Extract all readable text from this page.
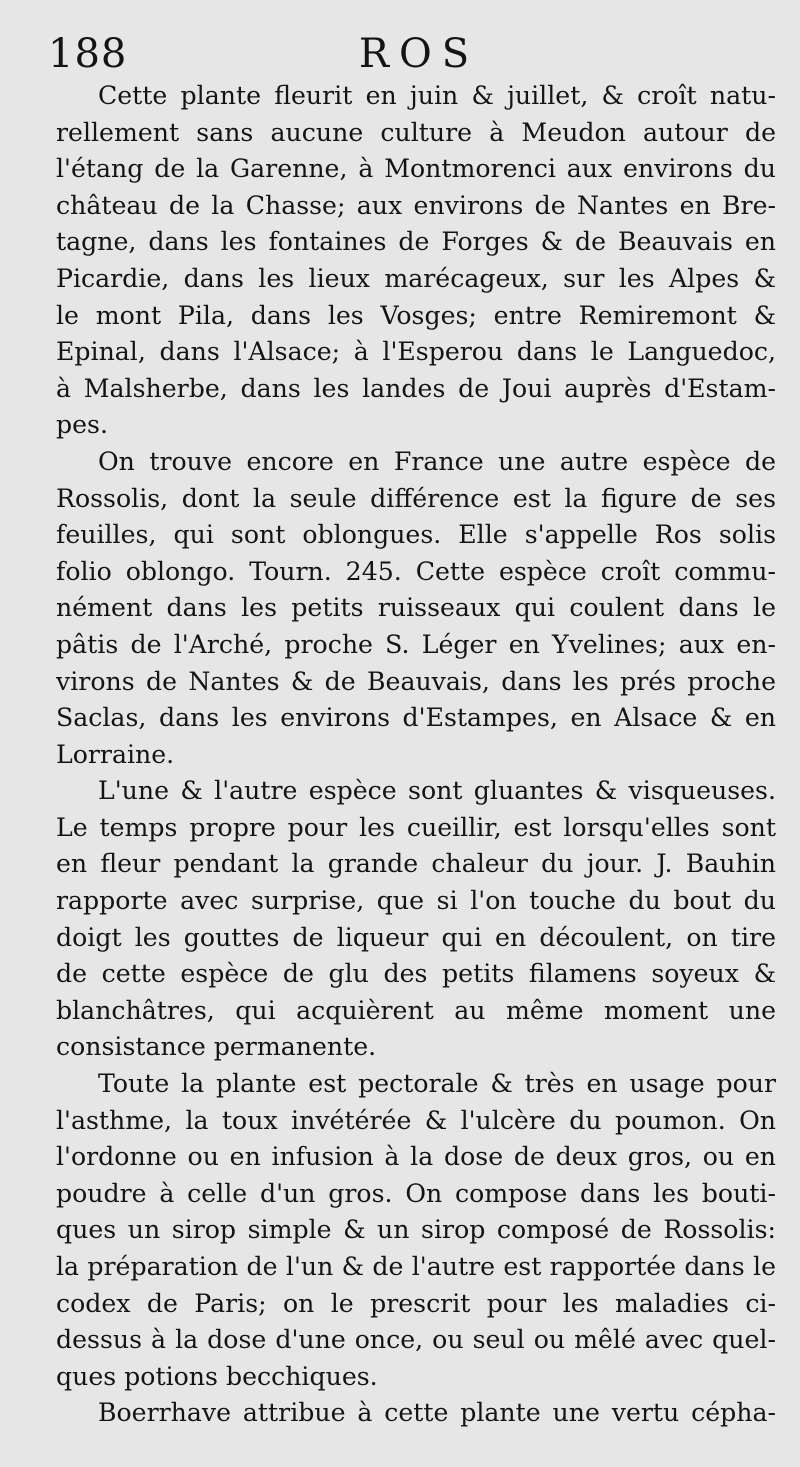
188	ROS
Cette plante fleurit en juin & juillet, & croît natu-
rellement sans aucune culture à Meudon autour de
l'étang de la Garenne, à Montmorenci aux environs du
château de la Chasse; aux environs de Nantes en Bre-
tagne, dans les fontaines de Forges & de Beauvais en
Picardie, dans les lieux marécageux, sur les Alpes &
le mont Pila, dans les Vosges; entre Remiremont &
Epinal, dans l'Alsace; à l'Esperou dans le Languedoc,
à Malsherbe, dans les landes de Joui auprès d'Estam-
pes.
On trouve encore en France une autre espèce de
Rossolis, dont la seule différence est la figure de ses
feuilles, qui sont oblongues. Elle s'appelle Ros solis
folio oblongo. Tourn. 245. Cette espèce croît commu-
nément dans les petits ruisseaux qui coulent dans le
pâtis de l'Arché, proche S. Léger en Yvelines; aux en-
virons de Nantes & de Beauvais, dans les prés proche
Saclas, dans les environs d'Estampes, en Alsace & en
Lorraine.
L'une & l'autre espèce sont gluantes & visqueuses.
Le temps propre pour les cueillir, est lorsqu'elles sont
en fleur pendant la grande chaleur du jour. J. Bauhin
rapporte avec surprise, que si l'on touche du bout du
doigt les gouttes de liqueur qui en découlent, on tire
de cette espèce de glu des petits filamens soyeux &
blanchâtres, qui acquièrent au même moment une
consistance permanente.
Toute la plante est pectorale & très en usage pour
l'asthme, la toux invétérée & l'ulcère du poumon. On
l'ordonne ou en infusion à la dose de deux gros, ou en
poudre à celle d'un gros. On compose dans les bouti-
ques un sirop simple & un sirop composé de Rossolis:
la préparation de l'un & de l'autre est rapportée dans le
codex de Paris; on le prescrit pour les maladies ci-
dessus à la dose d'une once, ou seul ou mêlé avec quel-
ques potions becchiques.
Boerrhave attribue à cette plante une vertu cépha-
